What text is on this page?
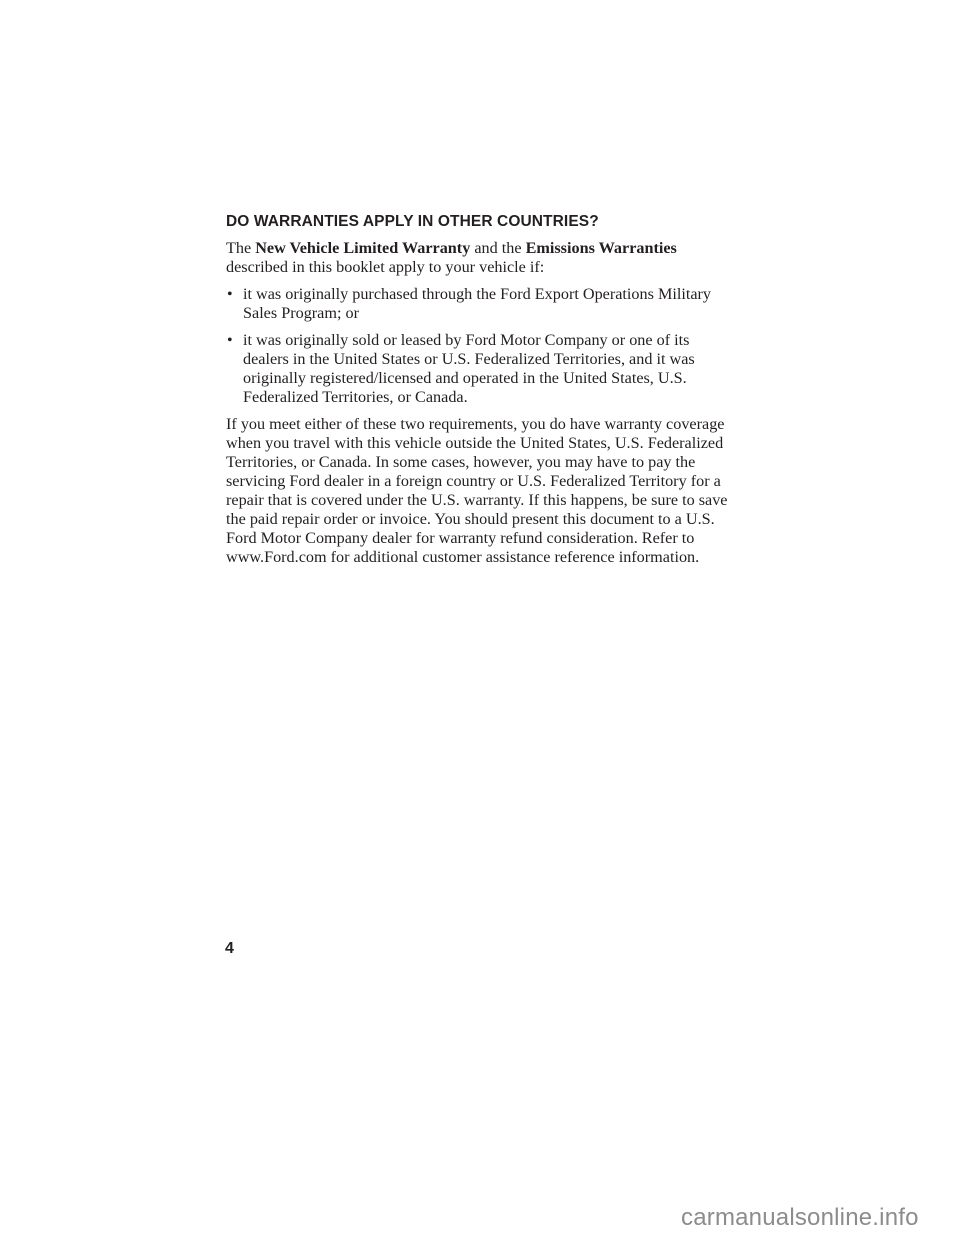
DO WARRANTIES APPLY IN OTHER COUNTRIES?

The New Vehicle Limited Warranty and the Emissions Warranties described in this booklet apply to your vehicle if:

• it was originally purchased through the Ford Export Operations Military Sales Program; or
• it was originally sold or leased by Ford Motor Company or one of its dealers in the United States or U.S. Federalized Territories, and it was originally registered/licensed and operated in the United States, U.S. Federalized Territories, or Canada.

If you meet either of these two requirements, you do have warranty coverage when you travel with this vehicle outside the United States, U.S. Federalized Territories, or Canada. In some cases, however, you may have to pay the servicing Ford dealer in a foreign country or U.S. Federalized Territory for a repair that is covered under the U.S. warranty. If this happens, be sure to save the paid repair order or invoice. You should present this document to a U.S. Ford Motor Company dealer for warranty refund consideration. Refer to www.Ford.com for additional customer assistance reference information.

4
carmanualsonline.info
